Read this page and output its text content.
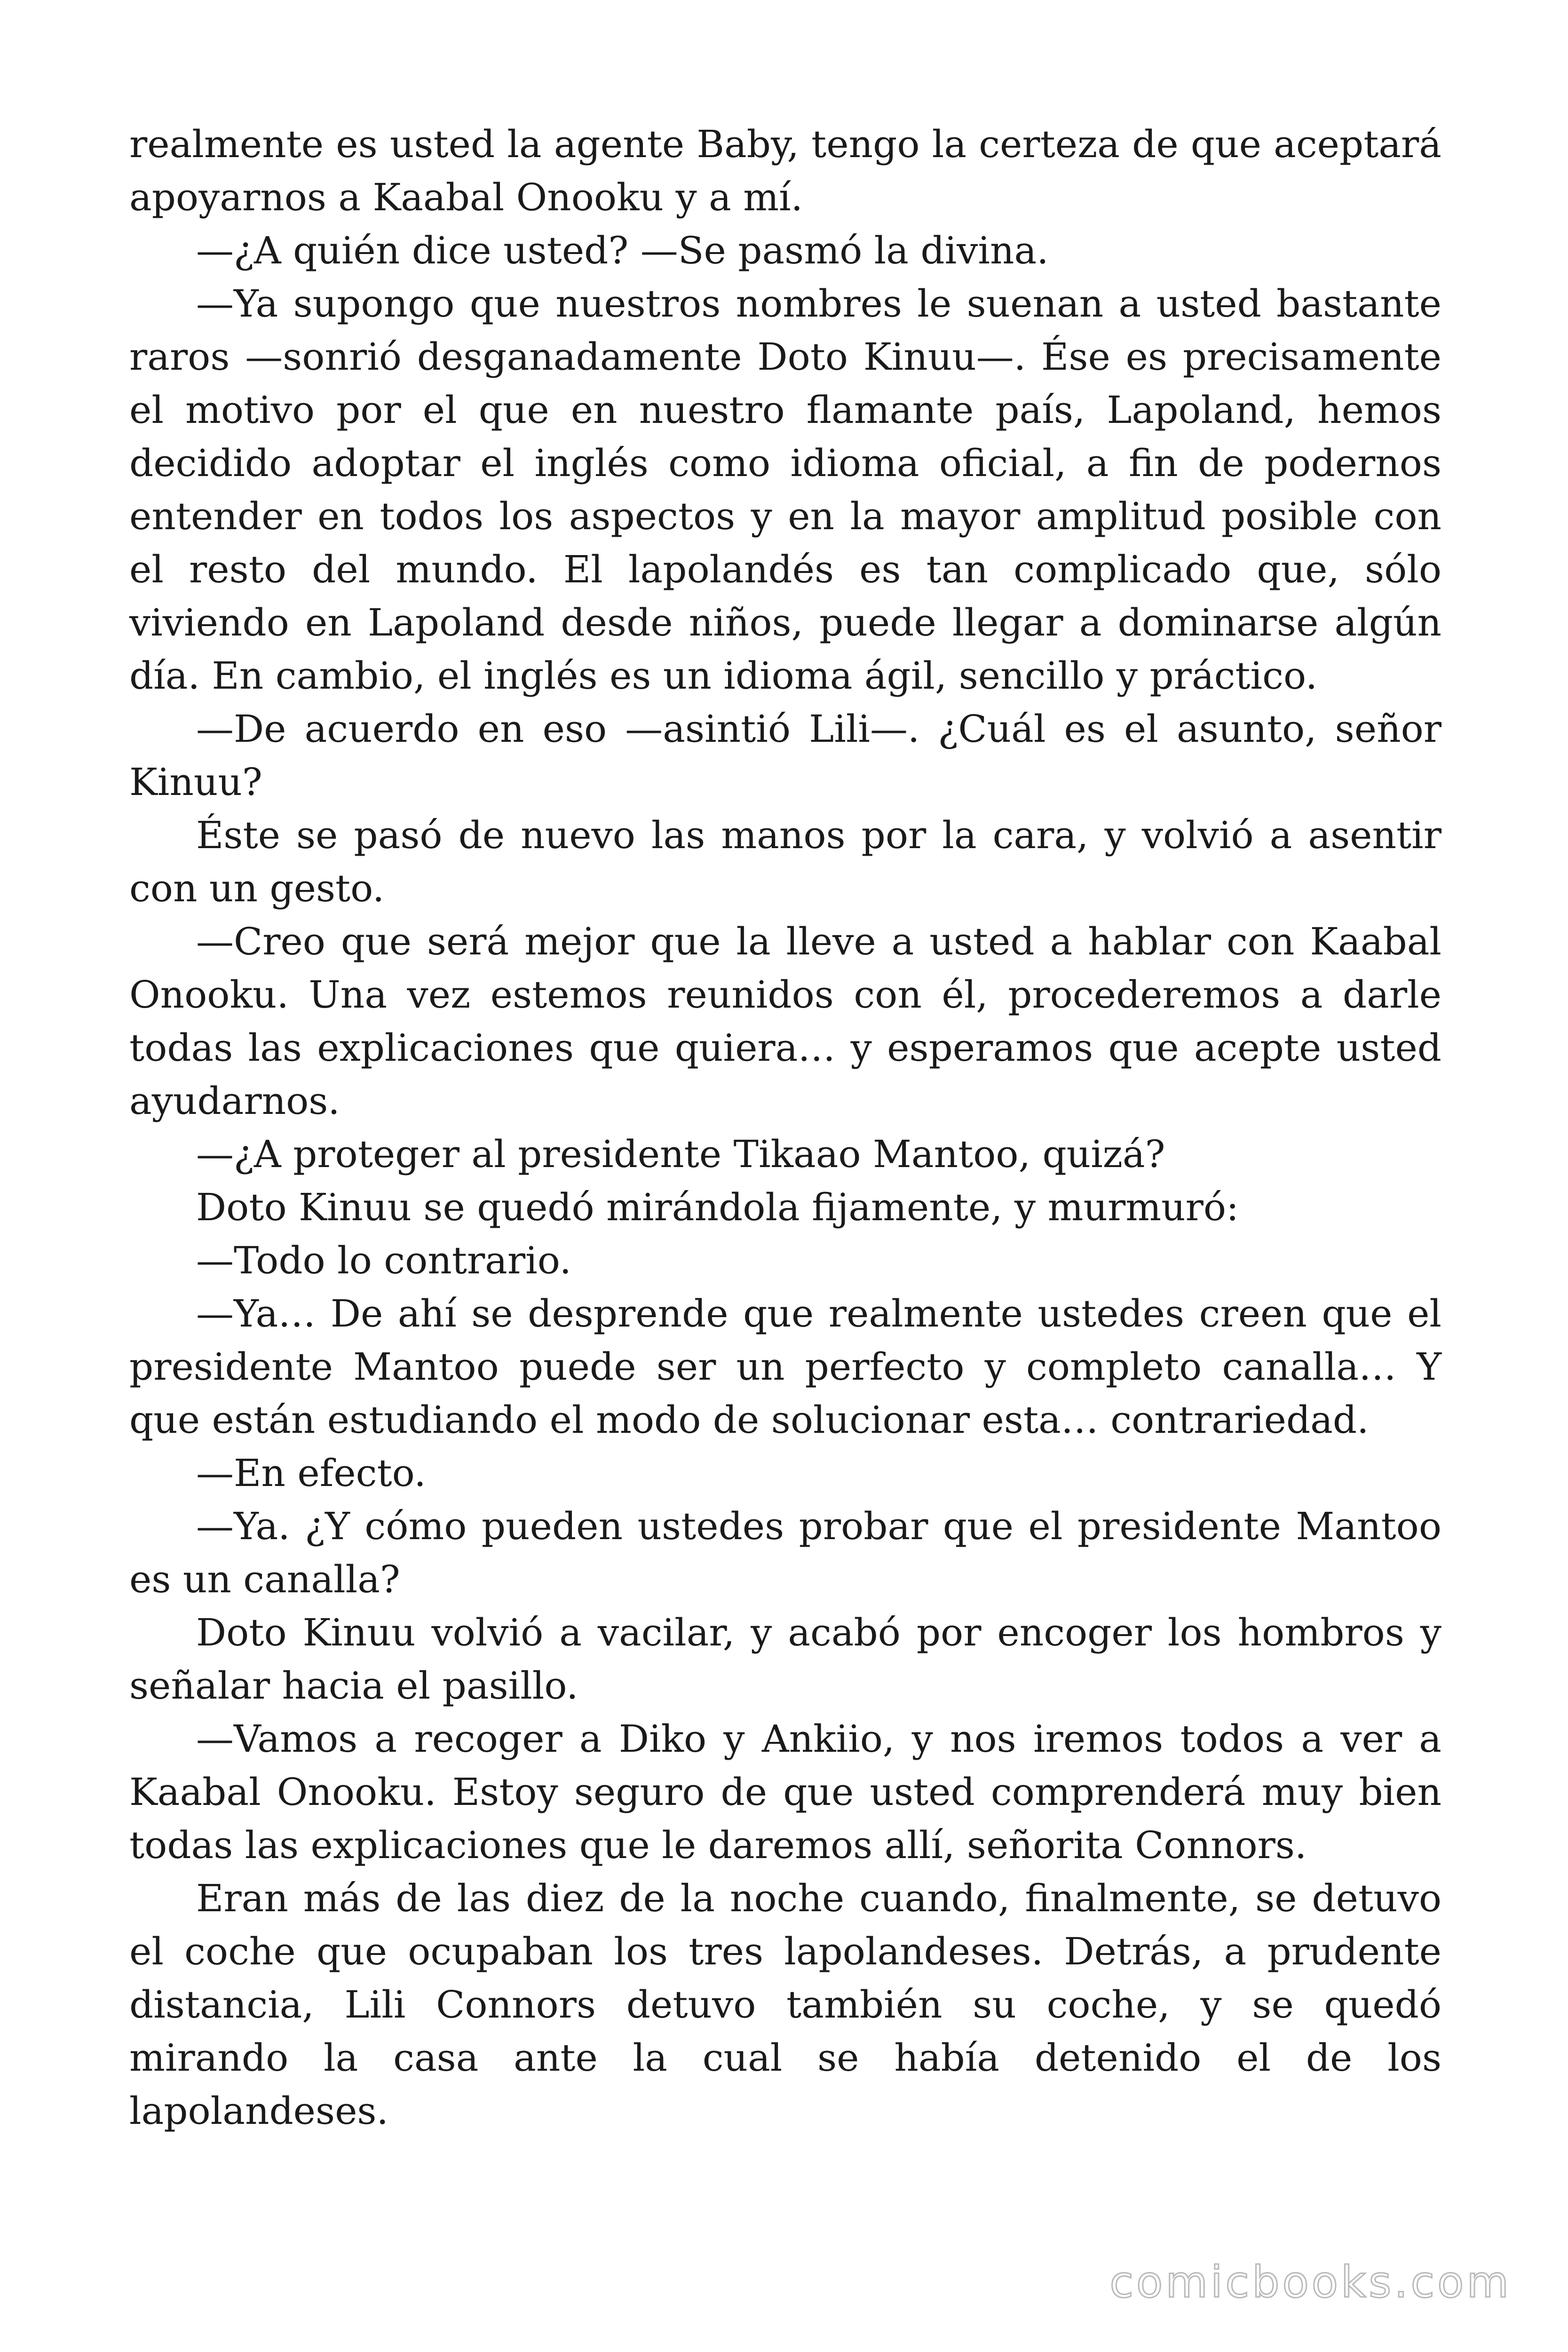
realmente es usted la agente Baby, tengo la certeza de que aceptará apoyarnos a Kaabal Onooku y a mí.

—¿A quién dice usted? —Se pasmó la divina.

—Ya supongo que nuestros nombres le suenan a usted bastante raros —sonrió desganadamente Doto Kinuu—. Ése es precisamente el motivo por el que en nuestro flamante país, Lapoland, hemos decidido adoptar el inglés como idioma oficial, a fin de podernos entender en todos los aspectos y en la mayor amplitud posible con el resto del mundo. El lapolandés es tan complicado que, sólo viviendo en Lapoland desde niños, puede llegar a dominarse algún día. En cambio, el inglés es un idioma ágil, sencillo y práctico.

—De acuerdo en eso —asintió Lili—. ¿Cuál es el asunto, señor Kinuu?

Éste se pasó de nuevo las manos por la cara, y volvió a asentir con un gesto.

—Creo que será mejor que la lleve a usted a hablar con Kaabal Onooku. Una vez estemos reunidos con él, procederemos a darle todas las explicaciones que quiera… y esperamos que acepte usted ayudarnos.

—¿A proteger al presidente Tikaao Mantoo, quizá?

Doto Kinuu se quedó mirándola fijamente, y murmuró:

—Todo lo contrario.

—Ya… De ahí se desprende que realmente ustedes creen que el presidente Mantoo puede ser un perfecto y completo canalla… Y que están estudiando el modo de solucionar esta… contrariedad.

—En efecto.

—Ya. ¿Y cómo pueden ustedes probar que el presidente Mantoo es un canalla?

Doto Kinuu volvió a vacilar, y acabó por encoger los hombros y señalar hacia el pasillo.

—Vamos a recoger a Diko y Ankiio, y nos iremos todos a ver a Kaabal Onooku. Estoy seguro de que usted comprenderá muy bien todas las explicaciones que le daremos allí, señorita Connors.

Eran más de las diez de la noche cuando, finalmente, se detuvo el coche que ocupaban los tres lapolandeses. Detrás, a prudente distancia, Lili Connors detuvo también su coche, y se quedó mirando la casa ante la cual se había detenido el de los lapolandeses.

comicbooks.com
